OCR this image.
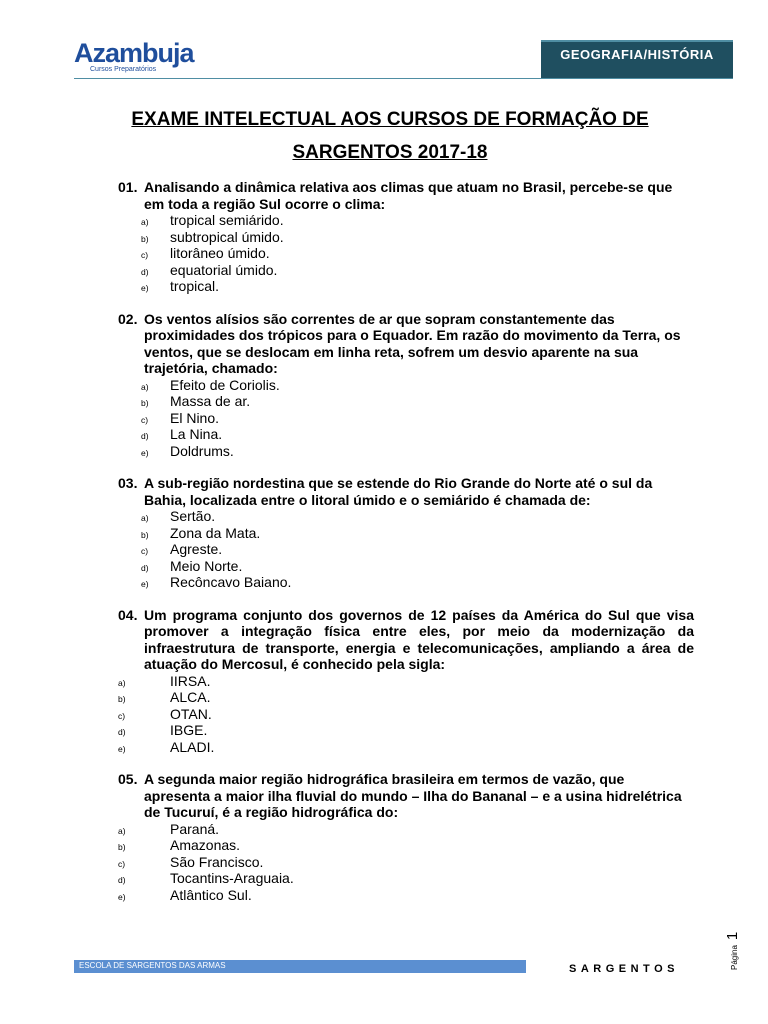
Azambuja
Cursos Preparatórios
GEOGRAFIA/HISTÓRIA
EXAME INTELECTUAL AOS CURSOS DE FORMAÇÃO DE
SARGENTOS 2017-18
01. Analisando a dinâmica relativa aos climas que atuam no Brasil, percebe-se que em toda a região Sul ocorre o clima:
a) tropical semiárido.
b) subtropical úmido.
c) litorâneo úmido.
d) equatorial úmido.
e) tropical.
02. Os ventos alísios são correntes de ar que sopram constantemente das proximidades dos trópicos para o Equador. Em razão do movimento da Terra, os ventos, que se deslocam em linha reta, sofrem um desvio aparente na sua trajetória, chamado:
a) Efeito de Coriolis.
b) Massa de ar.
c) El Nino.
d) La Nina.
e) Doldrums.
03. A sub-região nordestina que se estende do Rio Grande do Norte até o sul da Bahia, localizada entre o litoral úmido e o semiárido é chamada de:
a) Sertão.
b) Zona da Mata.
c) Agreste.
d) Meio Norte.
e) Recôncavo Baiano.
04. Um programa conjunto dos governos de 12 países da América do Sul que visa promover a integração física entre eles, por meio da modernização da infraestrutura de transporte, energia e telecomunicações, ampliando a área de atuação do Mercosul, é conhecido pela sigla:
a)	IIRSA.
b)	ALCA.
c)	OTAN.
d)	IBGE.
e)	ALADI.
05. A segunda maior região hidrográfica brasileira em termos de vazão, que apresenta a maior ilha fluvial do mundo – Ilha do Bananal – e a usina hidrelétrica de Tucuruí, é a região hidrográfica do:
a)	Paraná.
b)	Amazonas.
c)	São Francisco.
d)	Tocantins-Araguaia.
e)	Atlântico Sul.
ESCOLA DE SARGENTOS DAS ARMAS	SARGENTOS	Página1
